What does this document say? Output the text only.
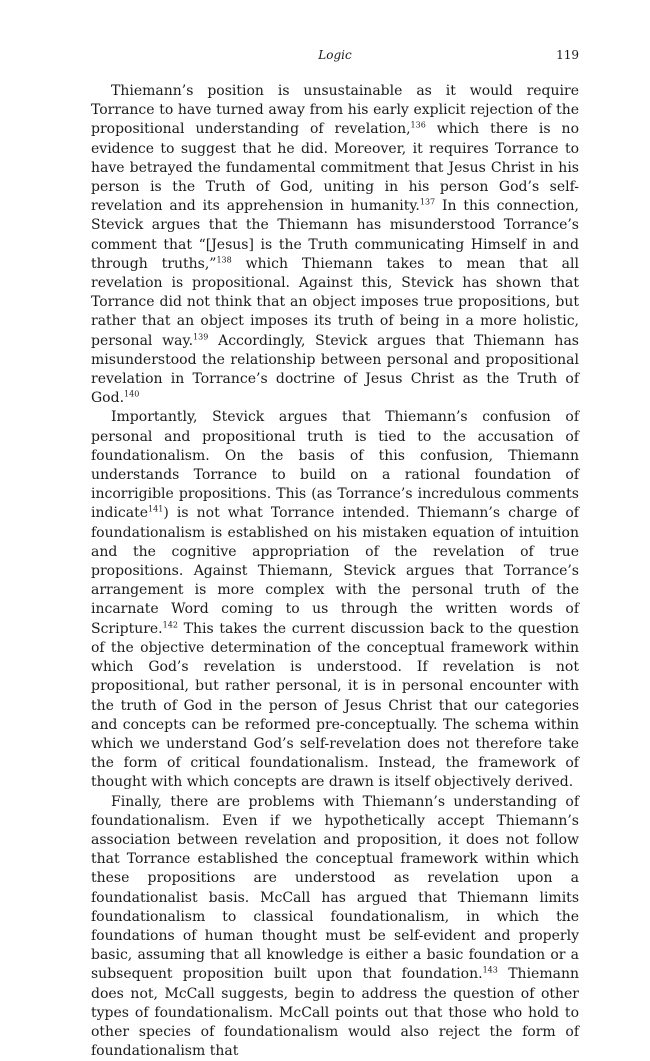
Logic	119

Thiemann’s position is unsustainable as it would require Torrance to have turned away from his early explicit rejection of the propositional understanding of revelation,$^{136}$ which there is no evidence to suggest that he did. Moreover, it requires Torrance to have betrayed the fundamental commitment that Jesus Christ in his person is the Truth of God, uniting in his person God’s self-revelation and its apprehension in humanity.$^{137}$ In this connection, Stevick argues that the Thiemann has misunderstood Torrance’s comment that “[Jesus] is the Truth communicating Himself in and through truths,”$^{138}$ which Thiemann takes to mean that all revelation is propositional. Against this, Stevick has shown that Torrance did not think that an object imposes true propositions, but rather that an object imposes its truth of being in a more holistic, personal way.$^{139}$ Accordingly, Stevick argues that Thiemann has misunderstood the relationship between personal and propositional revelation in Torrance’s doctrine of Jesus Christ as the Truth of God.$^{140}$

Importantly, Stevick argues that Thiemann’s confusion of personal and propositional truth is tied to the accusation of foundationalism. On the basis of this confusion, Thiemann understands Torrance to build on a rational foundation of incorrigible propositions. This (as Torrance’s incredulous comments indicate$^{141}$) is not what Torrance intended. Thiemann’s charge of foundationalism is established on his mistaken equation of intuition and the cognitive appropriation of the revelation of true propositions. Against Thiemann, Stevick argues that Torrance’s arrangement is more complex with the personal truth of the incarnate Word coming to us through the written words of Scripture.$^{142}$ This takes the current discussion back to the question of the objective determination of the conceptual framework within which God’s revelation is understood. If revelation is not propositional, but rather personal, it is in personal encounter with the truth of God in the person of Jesus Christ that our categories and concepts can be reformed pre-conceptually. The schema within which we understand God’s self-revelation does not therefore take the form of critical foundationalism. Instead, the framework of thought with which concepts are drawn is itself objectively derived.

Finally, there are problems with Thiemann’s understanding of foundationalism. Even if we hypothetically accept Thiemann’s association between revelation and proposition, it does not follow that Torrance established the conceptual framework within which these propositions are understood as revelation upon a foundationalist basis. McCall has argued that Thiemann limits foundationalism to classical foundationalism, in which the foundations of human thought must be self-evident and properly basic, assuming that all knowledge is either a basic foundation or a subsequent proposition built upon that foundation.$^{143}$ Thiemann does not, McCall suggests, begin to address the question of other types of foundationalism. McCall points out that those who hold to other species of foundationalism would also reject the form of foundationalism that
